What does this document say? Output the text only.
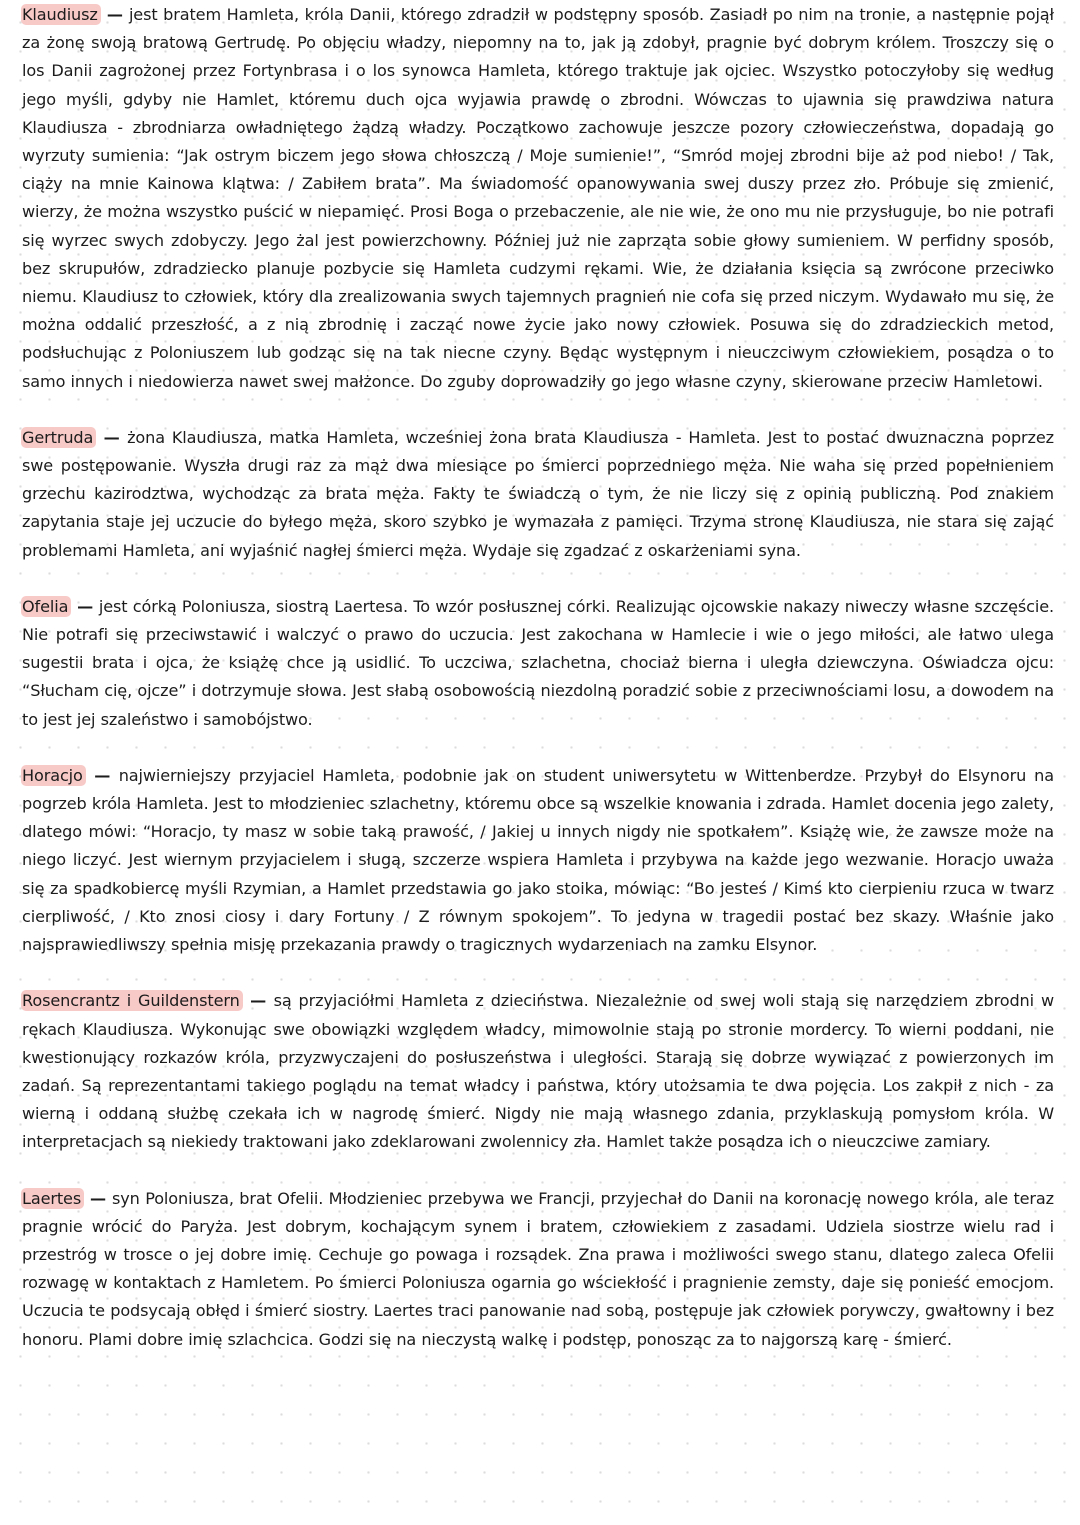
Klaudiusz — jest bratem Hamleta, króla Danii, którego zdradził w podstępny sposób. Zasiadł po nim na tronie, a następnie pojął za żonę swoją bratową Gertrudę. Po objęciu władzy, niepomny na to, jak ją zdobył, pragnie być dobrym królem. Troszczy się o los Danii zagrożonej przez Fortynbrasa i o los synowca Hamleta, którego traktuje jak ojciec. Wszystko potoczyłoby się według jego myśli, gdyby nie Hamlet, któremu duch ojca wyjawia prawdę o zbrodni. Wówczas to ujawnia się prawdziwa natura Klaudiusza - zbrodniarza owładniętego żądzą władzy. Początkowo zachowuje jeszcze pozory człowieczeństwa, dopadają go wyrzuty sumienia: “Jak ostrym biczem jego słowa chłoszczą / Moje sumienie!”, “Smród mojej zbrodni bije aż pod niebo! / Tak, ciąży na mnie Kainowa klątwa: / Zabiłem brata”. Ma świadomość opanowywania swej duszy przez zło. Próbuje się zmienić, wierzy, że można wszystko puścić w niepamięć. Prosi Boga o przebaczenie, ale nie wie, że ono mu nie przysługuje, bo nie potrafi się wyrzec swych zdobyczy. Jego żal jest powierzchowny. Później już nie zaprząta sobie głowy sumieniem. W perfidny sposób, bez skrupułów, zdradziecko planuje pozbycie się Hamleta cudzymi rękami. Wie, że działania księcia są zwrócone przeciwko niemu. Klaudiusz to człowiek, który dla zrealizowania swych tajemnych pragnień nie cofa się przed niczym. Wydawało mu się, że można oddalić przeszłość, a z nią zbrodnię i zacząć nowe życie jako nowy człowiek. Posuwa się do zdradzieckich metod, podsłuchując z Poloniuszem lub godząc się na tak niecne czyny. Będąc występnym i nieuczciwym człowiekiem, posądza o to samo innych i niedowierza nawet swej małżonce. Do zguby doprowadziły go jego własne czyny, skierowane przeciw Hamletowi.

Gertruda — żona Klaudiusza, matka Hamleta, wcześniej żona brata Klaudiusza - Hamleta. Jest to postać dwuznaczna poprzez swe postępowanie. Wyszła drugi raz za mąż dwa miesiące po śmierci poprzedniego męża. Nie waha się przed popełnieniem grzechu kazirodztwa, wychodząc za brata męża. Fakty te świadczą o tym, że nie liczy się z opinią publiczną. Pod znakiem zapytania staje jej uczucie do byłego męża, skoro szybko je wymazała z pamięci. Trzyma stronę Klaudiusza, nie stara się zająć problemami Hamleta, ani wyjaśnić nagłej śmierci męża. Wydaje się zgadzać z oskarżeniami syna.

Ofelia — jest córką Poloniusza, siostrą Laertesa. To wzór posłusznej córki. Realizując ojcowskie nakazy niweczy własne szczęście. Nie potrafi się przeciwstawić i walczyć o prawo do uczucia. Jest zakochana w Hamlecie i wie o jego miłości, ale łatwo ulega sugestii brata i ojca, że książę chce ją usidlić. To uczciwa, szlachetna, chociaż bierna i uległa dziewczyna. Oświadcza ojcu: “Słucham cię, ojcze” i dotrzymuje słowa. Jest słabą osobowością niezdolną poradzić sobie z przeciwnościami losu, a dowodem na to jest jej szaleństwo i samobójstwo.

Horacjo — najwierniejszy przyjaciel Hamleta, podobnie jak on student uniwersytetu w Wittenberdze. Przybył do Elsynoru na pogrzeb króla Hamleta. Jest to młodzieniec szlachetny, któremu obce są wszelkie knowania i zdrada. Hamlet docenia jego zalety, dlatego mówi: “Horacjo, ty masz w sobie taką prawość, / Jakiej u innych nigdy nie spotkałem”. Książę wie, że zawsze może na niego liczyć. Jest wiernym przyjacielem i sługą, szczerze wspiera Hamleta i przybywa na każde jego wezwanie. Horacjo uważa się za spadkobiercę myśli Rzymian, a Hamlet przedstawia go jako stoika, mówiąc: “Bo jesteś / Kimś kto cierpieniu rzuca w twarz cierpliwość, / Kto znosi ciosy i dary Fortuny / Z równym spokojem”. To jedyna w tragedii postać bez skazy. Właśnie jako najsprawiedliwszy spełnia misję przekazania prawdy o tragicznych wydarzeniach na zamku Elsynor.

Rosencrantz i Guildenstern — są przyjaciółmi Hamleta z dzieciństwa. Niezależnie od swej woli stają się narzędziem zbrodni w rękach Klaudiusza. Wykonując swe obowiązki względem władcy, mimowolnie stają po stronie mordercy. To wierni poddani, nie kwestionujący rozkazów króla, przyzwyczajeni do posłuszeństwa i uległości. Starają się dobrze wywiązać z powierzonych im zadań. Są reprezentantami takiego poglądu na temat władcy i państwa, który utożsamia te dwa pojęcia. Los zakpił z nich - za wierną i oddaną służbę czekała ich w nagrodę śmierć. Nigdy nie mają własnego zdania, przyklaskują pomysłom króla. W interpretacjach są niekiedy traktowani jako zdeklarowani zwolennicy zła. Hamlet także posądza ich o nieuczciwe zamiary.

Laertes — syn Poloniusza, brat Ofelii. Młodzieniec przebywa we Francji, przyjechał do Danii na koronację nowego króla, ale teraz pragnie wrócić do Paryża. Jest dobrym, kochającym synem i bratem, człowiekiem z zasadami. Udziela siostrze wielu rad i przestróg w trosce o jej dobre imię. Cechuje go powaga i rozsądek. Zna prawa i możliwości swego stanu, dlatego zaleca Ofelii rozwagę w kontaktach z Hamletem. Po śmierci Poloniusza ogarnia go wściekłość i pragnienie zemsty, daje się ponieść emocjom. Uczucia te podsycają obłęd i śmierć siostry. Laertes traci panowanie nad sobą, postępuje jak człowiek porywczy, gwałtowny i bez honoru. Plami dobre imię szlachcica. Godzi się na nieczystą walkę i podstęp, ponosząc za to najgorszą karę - śmierć.
